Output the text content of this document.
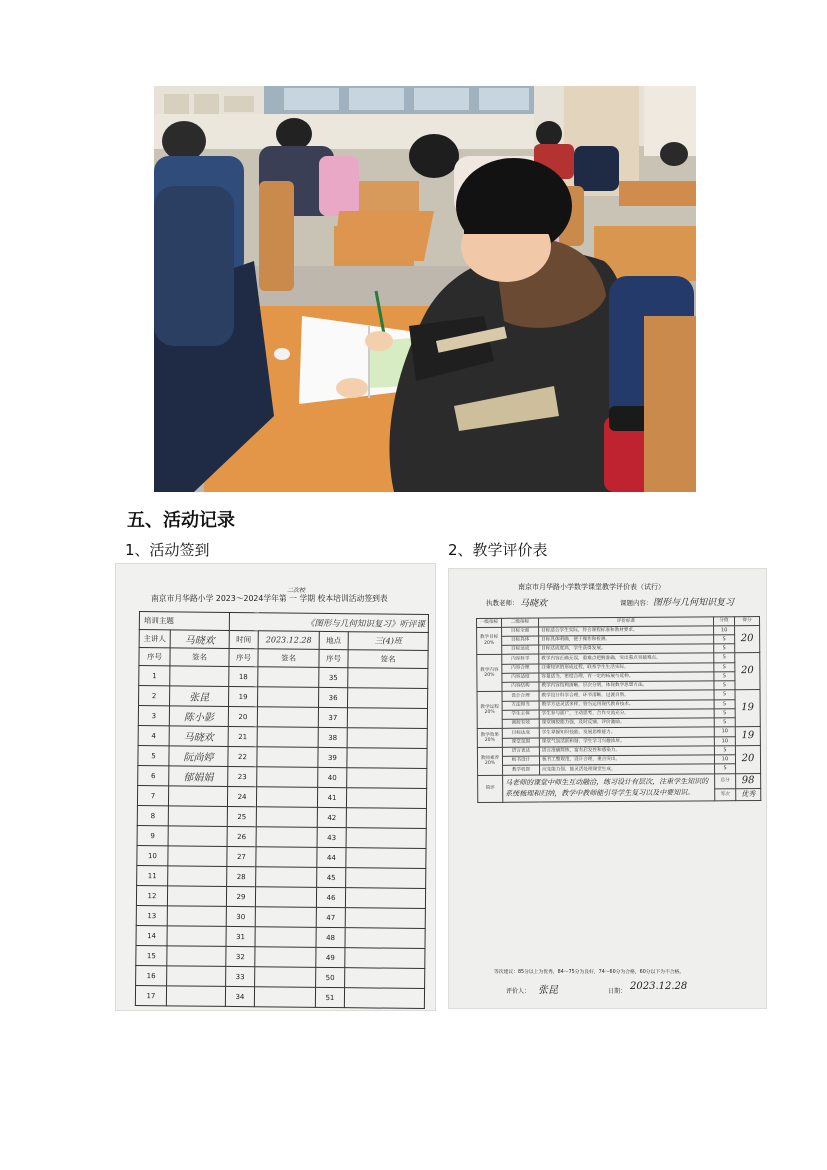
五、活动记录
1、活动签到	2、教学评价表
二次校
南京市月华路小学 2023～2024学年第 一 学期 校本培训活动签到表
培训主题		《图形与几何知识复习》听评课			
主讲人	马晓欢	时间	2023.12.28	地点	三(4)班
序号	签名	序号	签名	序号	签名
1		18		35	
2	张昆	19		36	
3	陈小影	20		37	
4	马晓欢	21		38	
5	阮尚婷	22		39	
6	郁娟娟	23		40	
7		24		41	
8		25		42	
9		26		43	
10		27		44	
11		28		45	
12		29		46	
13		30		47	
14		31		48	
15		32		49	
16		33		50	
17		34		51	
南京市月华路小学数学课堂教学评价表（试行）
执教老师： 马晓欢	课题内容： 图形与几何知识复习
一级指标	二级指标	评价标准	分值	得分
教学目标 20%	目标全面	目标适合学生实际，符合课程标准和教材要求。	10	20
	目标具体	目标具体明确，便于操作和检测。	5	
	目标达成	目标达成度高，学生获得发展。	5	
教学内容 20%	内容科学	教学内容正确无误，重难点把握准确，突出重点突破难点。	5	20
	内容合理	注重知识的形成过程，联系学生生活实际。	5	
	内容适度	容量适当，密度合理，有一定的拓展与延伸。	5	
	内容结构	教学内容结构清晰，层次分明，体现数学思想方法。	5	
教学过程 20%	设计合理	教学设计科学合理，环节清晰，过渡自然。	5	19
	方法得当	教学方法灵活多样，恰当运用现代教育技术。	5	
	学生主体	学生参与面广，主动思考，合作交流充分。	5	
	调控有效	课堂调控能力强，及时反馈，评价激励。	5	
教学效果 20%	目标达成	学生掌握知识技能，发展思维能力。	10	19
	课堂氛围	课堂气氛活跃和谐，学生学习兴趣浓厚。	10	
教师素养 20%	语言表达	语言准确简练，富有启发性和感染力。	5	20
	板书设计	板书工整规范，设计合理，重点突出。	10	
	教学机智	应变能力强，能灵活处理课堂生成。	5	
简评	马老师的课堂中师生互动融洽，练习设计有层次，注重学生知识的系统梳理和归纳，教学中教师能引导学生复习以及中要知识。		总分	98
			等次	优秀
等次建议：85分以上为优秀，84～75分为良好，74～60分为合格，60分以下为不合格。
评价人： 张昆	日期： 2023.12.28
